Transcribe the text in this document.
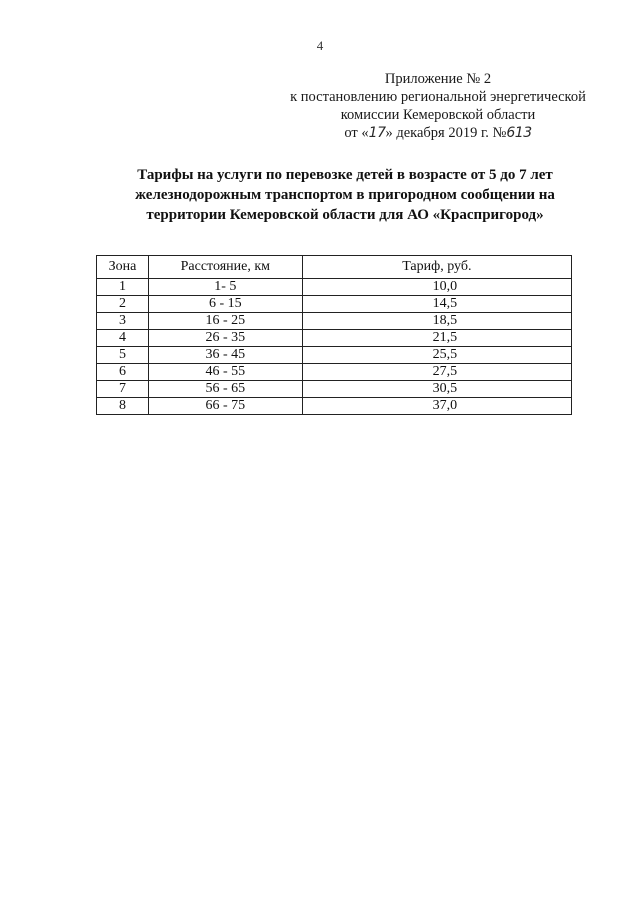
4
Приложение № 2
к постановлению региональной энергетической
комиссии Кемеровской области
от «17» декабря 2019 г. №613
Тарифы на услуги по перевозке детей в возрасте от 5 до 7 лет
железнодорожным транспортом в пригородном сообщении на
территории Кемеровской области для АО «Краспригород»
Зона	Расстояние, км	Тариф, руб.
1	1- 5	10,0
2	6 - 15	14,5
3	16 - 25	18,5
4	26 - 35	21,5
5	36 - 45	25,5
6	46 - 55	27,5
7	56 - 65	30,5
8	66 - 75	37,0
